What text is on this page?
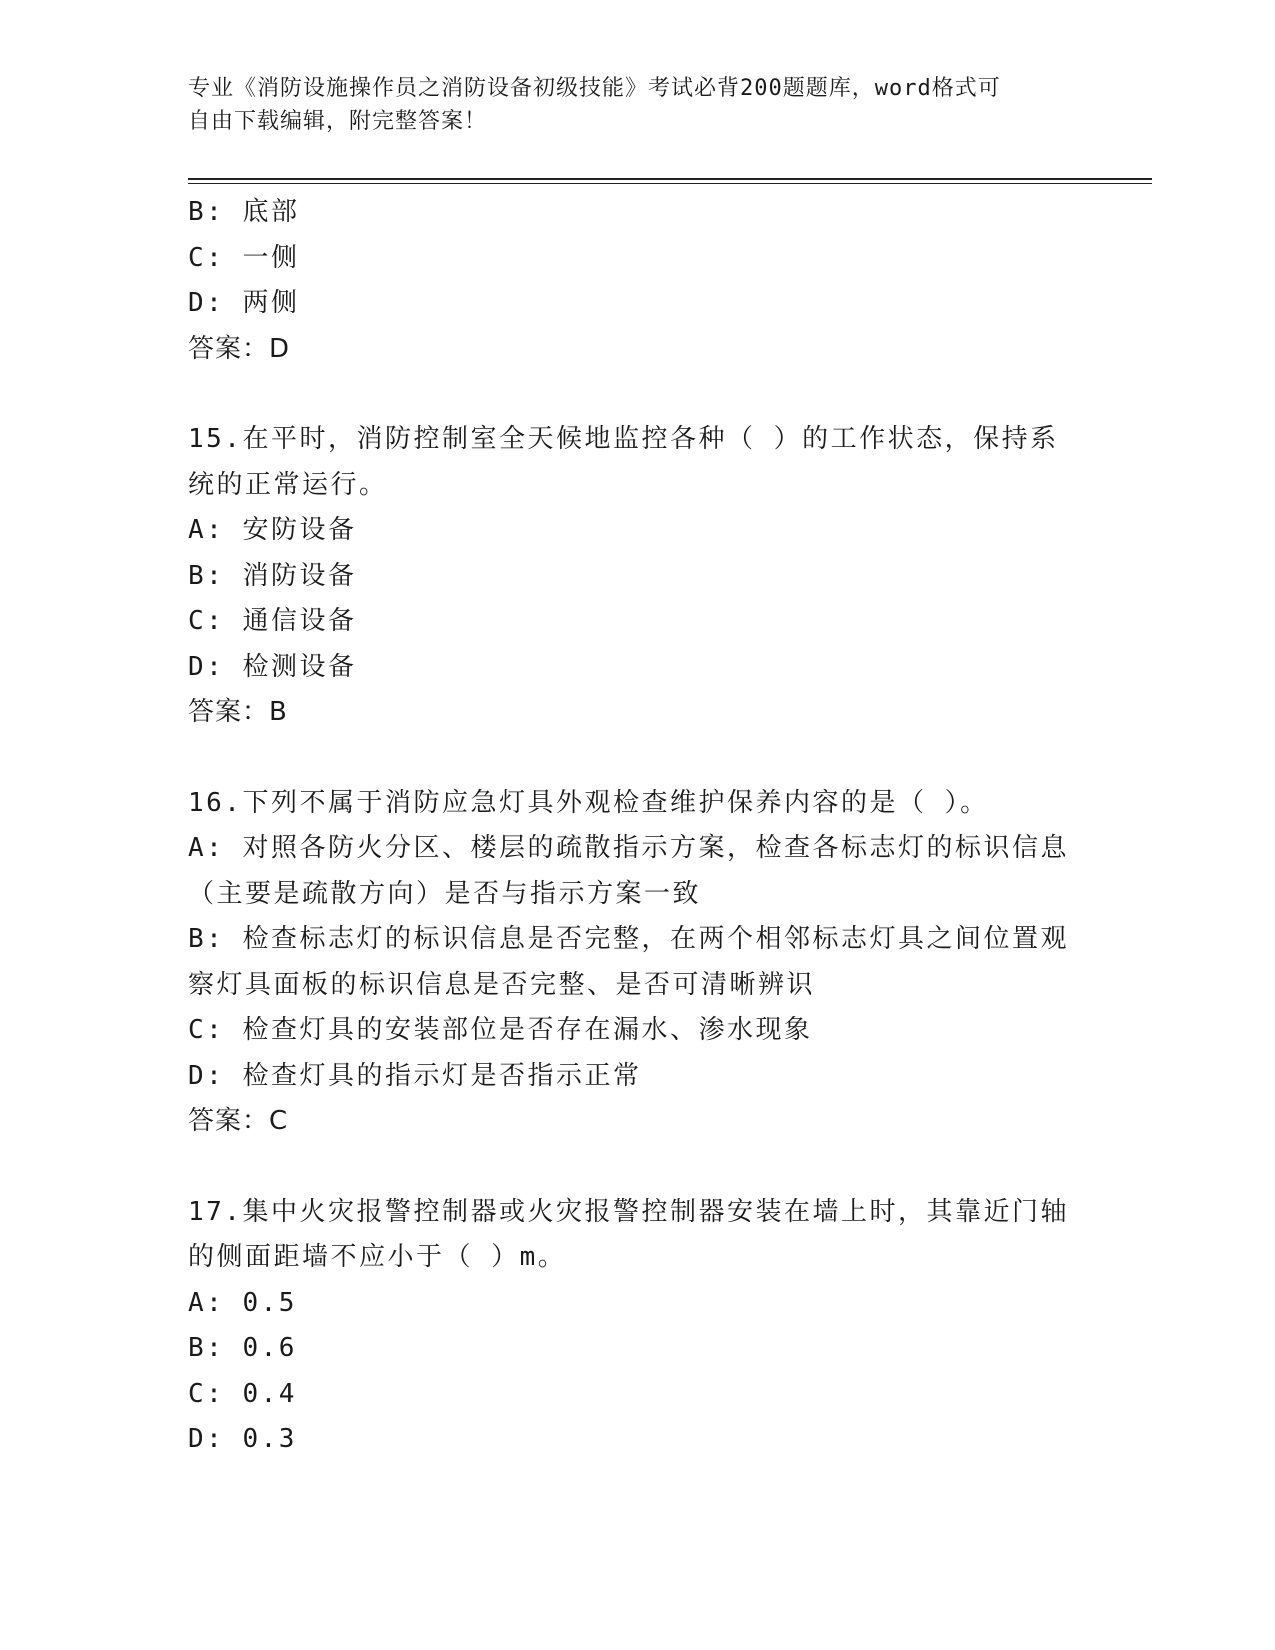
专业《消防设施操作员之消防设备初级技能》考试必背200题题库，word格式可
自由下载编辑，附完整答案！
B: 底部
C: 一侧
D: 两侧
答案：D
15.在平时，消防控制室全天候地监控各种（ ）的工作状态，保持系
统的正常运行。
A: 安防设备
B: 消防设备
C: 通信设备
D: 检测设备
答案：B
16.下列不属于消防应急灯具外观检查维护保养内容的是（ ）。
A: 对照各防火分区、楼层的疏散指示方案，检查各标志灯的标识信息
（主要是疏散方向）是否与指示方案一致
B: 检查标志灯的标识信息是否完整，在两个相邻标志灯具之间位置观
察灯具面板的标识信息是否完整、是否可清晰辨识
C: 检查灯具的安装部位是否存在漏水、渗水现象
D: 检查灯具的指示灯是否指示正常
答案：C
17.集中火灾报警控制器或火灾报警控制器安装在墙上时，其靠近门轴
的侧面距墙不应小于（ ）m。
A: 0.5
B: 0.6
C: 0.4
D: 0.3
